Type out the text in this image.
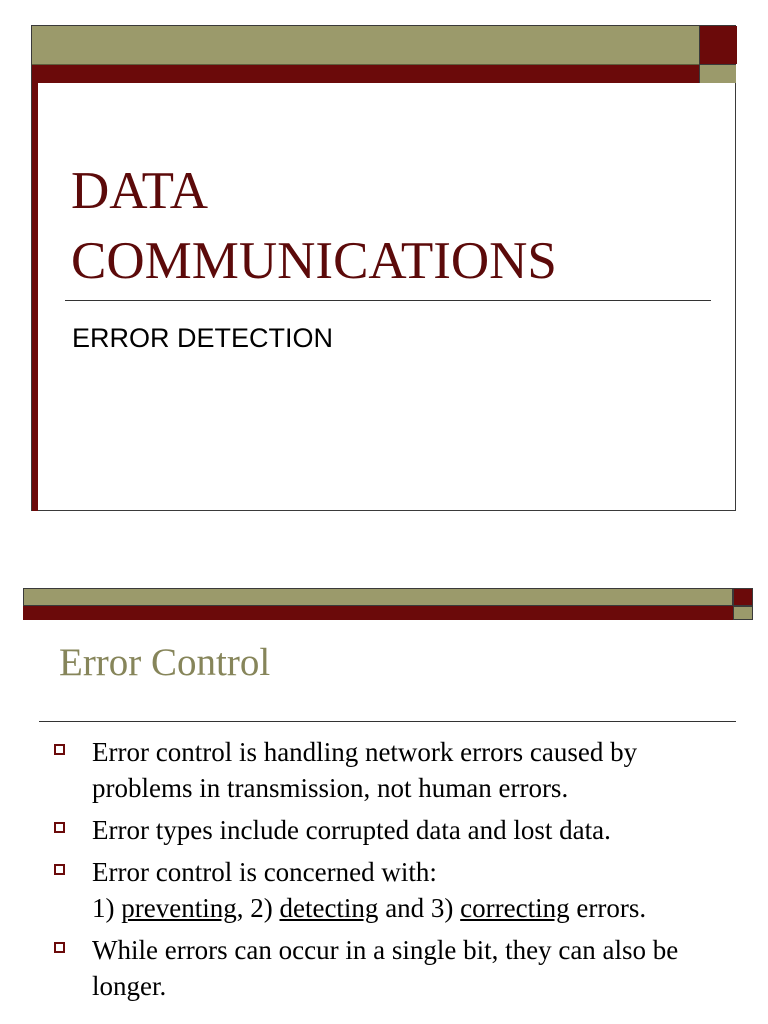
DATA
COMMUNICATIONS
ERROR DETECTION
Error Control
Error control is handling network errors caused by problems in transmission, not human errors.
Error types include corrupted data and lost data.
Error control is concerned with:
1) preventing, 2) detecting and 3) correcting errors.
While errors can occur in a single bit, they can also be longer.
